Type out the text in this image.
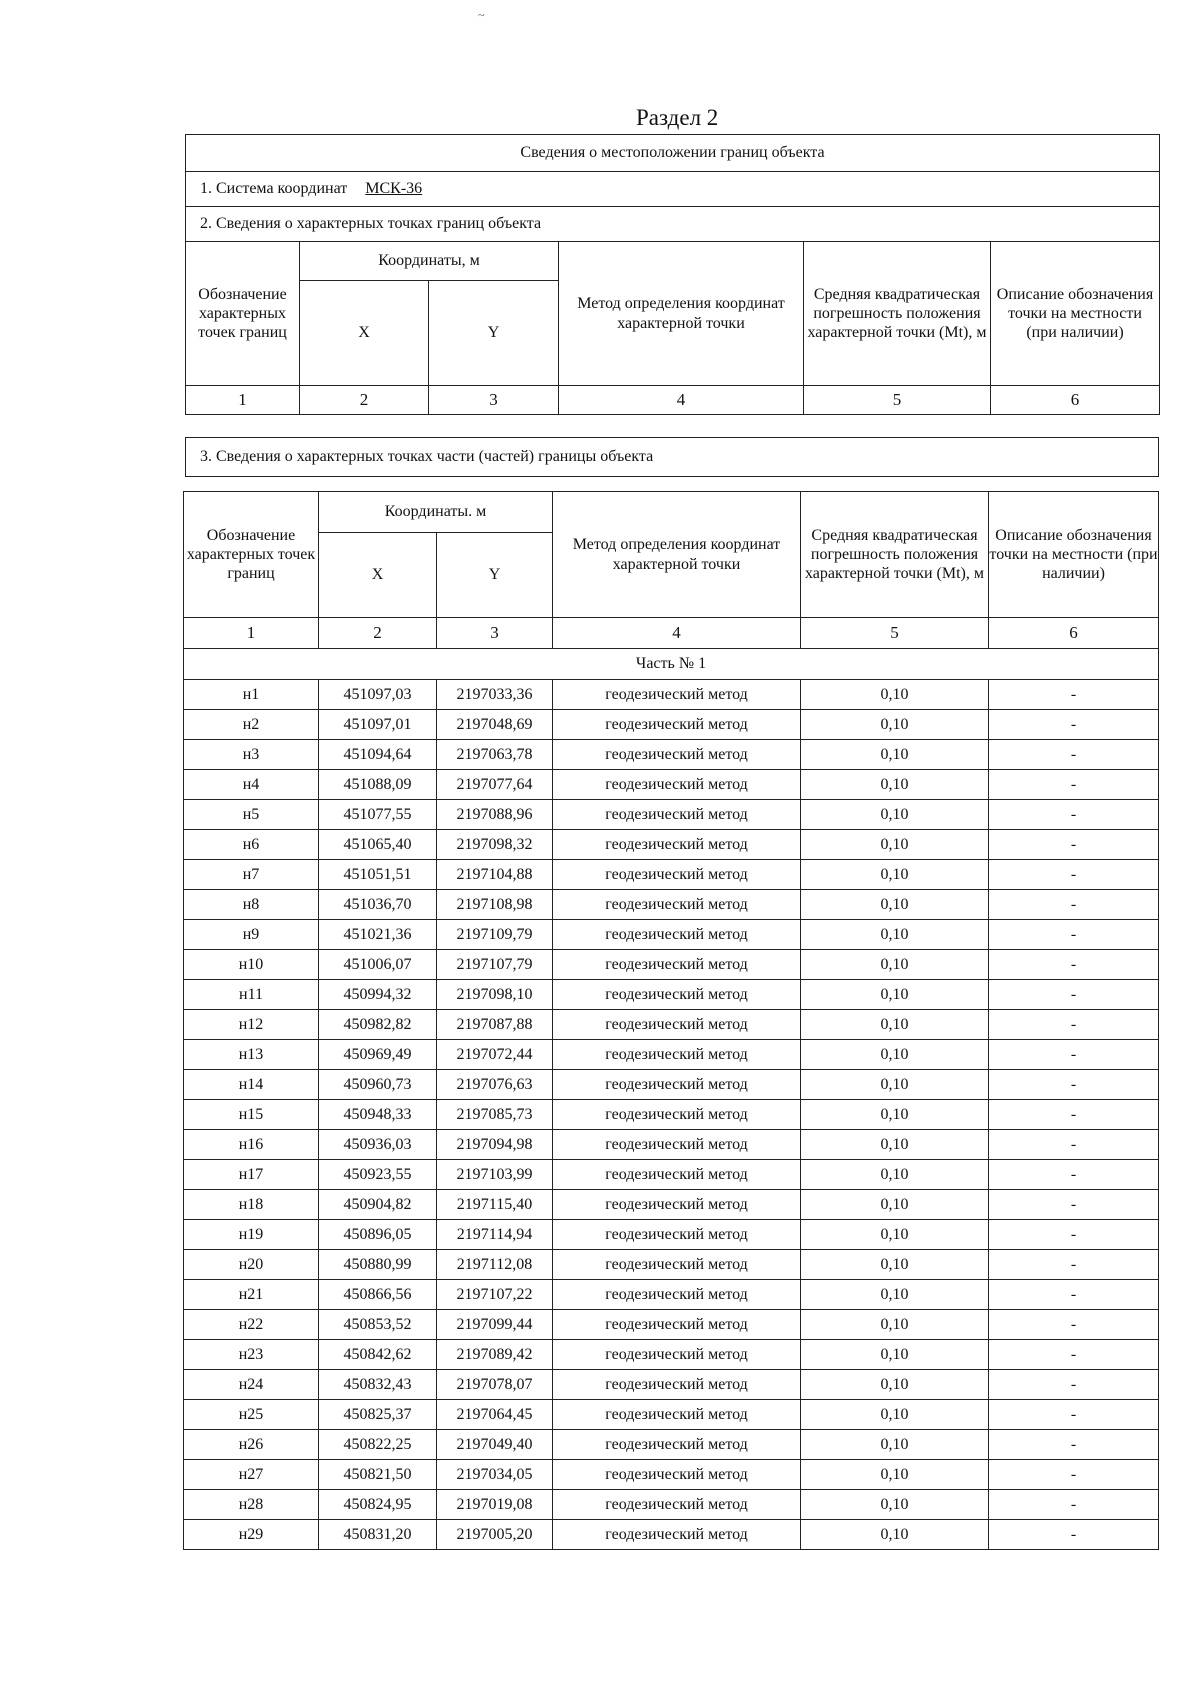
~
Раздел 2
Сведения о местоположении границ объекта					
1. Система координат МСК-36					
2. Сведения о характерных точках границ объекта					
Обозначение характерных точек границ	Координаты, м		Метод определения координат характерной точки	Средняя квадратическая погрешность положения характерной точки (Mt), м	Описание обозначения точки на местности (при наличии)
	X	Y			
1	2	3	4	5	6
3. Сведения о характерных точках части (частей) границы объекта
Обозначение характерных точек границ	Координаты. м		Метод определения координат характерной точки	Средняя квадратическая погрешность положения характерной точки (Mt), м	Описание обозначения точки на местности (при наличии)
	X	Y			
1	2	3	4	5	6
Часть № 1					
н1	451097,03	2197033,36	геодезический метод	0,10	-
н2	451097,01	2197048,69	геодезический метод	0,10	-
н3	451094,64	2197063,78	геодезический метод	0,10	-
н4	451088,09	2197077,64	геодезический метод	0,10	-
н5	451077,55	2197088,96	геодезический метод	0,10	-
н6	451065,40	2197098,32	геодезический метод	0,10	-
н7	451051,51	2197104,88	геодезический метод	0,10	-
н8	451036,70	2197108,98	геодезический метод	0,10	-
н9	451021,36	2197109,79	геодезический метод	0,10	-
н10	451006,07	2197107,79	геодезический метод	0,10	-
н11	450994,32	2197098,10	геодезический метод	0,10	-
н12	450982,82	2197087,88	геодезический метод	0,10	-
н13	450969,49	2197072,44	геодезический метод	0,10	-
н14	450960,73	2197076,63	геодезический метод	0,10	-
н15	450948,33	2197085,73	геодезический метод	0,10	-
н16	450936,03	2197094,98	геодезический метод	0,10	-
н17	450923,55	2197103,99	геодезический метод	0,10	-
н18	450904,82	2197115,40	геодезический метод	0,10	-
н19	450896,05	2197114,94	геодезический метод	0,10	-
н20	450880,99	2197112,08	геодезический метод	0,10	-
н21	450866,56	2197107,22	геодезический метод	0,10	-
н22	450853,52	2197099,44	геодезический метод	0,10	-
н23	450842,62	2197089,42	геодезический метод	0,10	-
н24	450832,43	2197078,07	геодезический метод	0,10	-
н25	450825,37	2197064,45	геодезический метод	0,10	-
н26	450822,25	2197049,40	геодезический метод	0,10	-
н27	450821,50	2197034,05	геодезический метод	0,10	-
н28	450824,95	2197019,08	геодезический метод	0,10	-
н29	450831,20	2197005,20	геодезический метод	0,10	-
